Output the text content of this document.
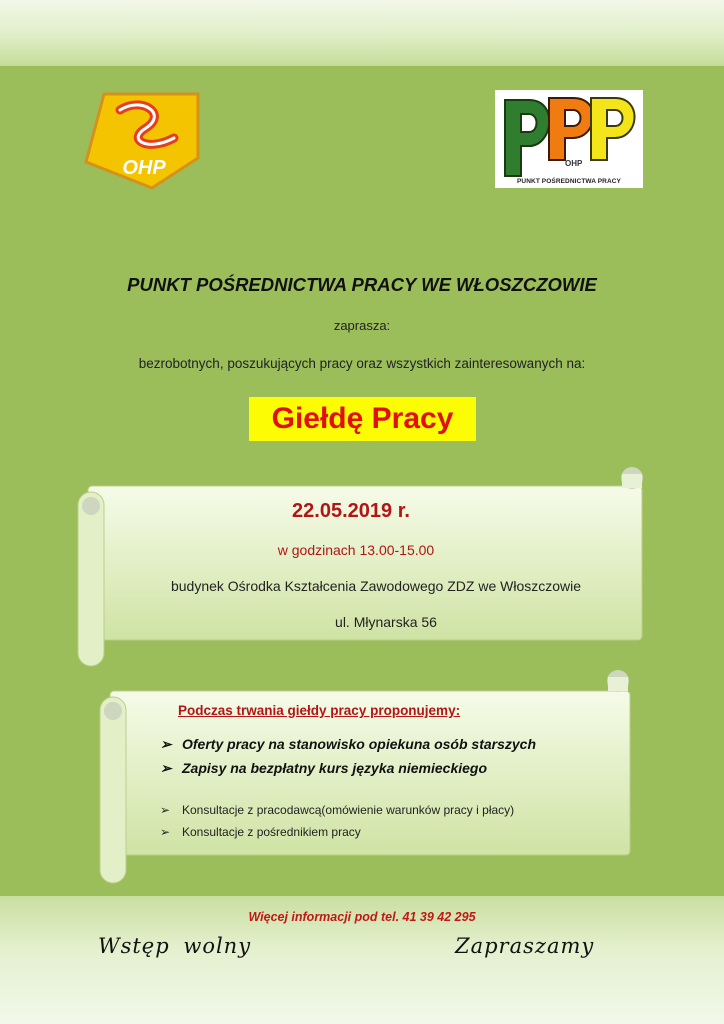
OHP	OHP
PUNKT POŚREDNICTWA PRACY
PUNKT POŚREDNICTWA PRACY WE WŁOSZCZOWIE
zaprasza:
bezrobotnych, poszukujących pracy oraz wszystkich zainteresowanych na:
Giełdę Pracy
22.05.2019 r.
w godzinach 13.00-15.00
budynek Ośrodka Kształcenia Zawodowego ZDZ we Włoszczowie
ul. Młynarska 56
Podczas trwania giełdy pracy proponujemy:
➢ Oferty pracy na stanowisko opiekuna osób starszych
➢ Zapisy na bezpłatny kurs języka niemieckiego
➢ Konsultacje z pracodawcą(omówienie warunków pracy i płacy)
➢ Konsultacje z pośrednikiem pracy
Więcej informacji pod tel. 41 39 42 295
Wstęp wolny	Zapraszamy
